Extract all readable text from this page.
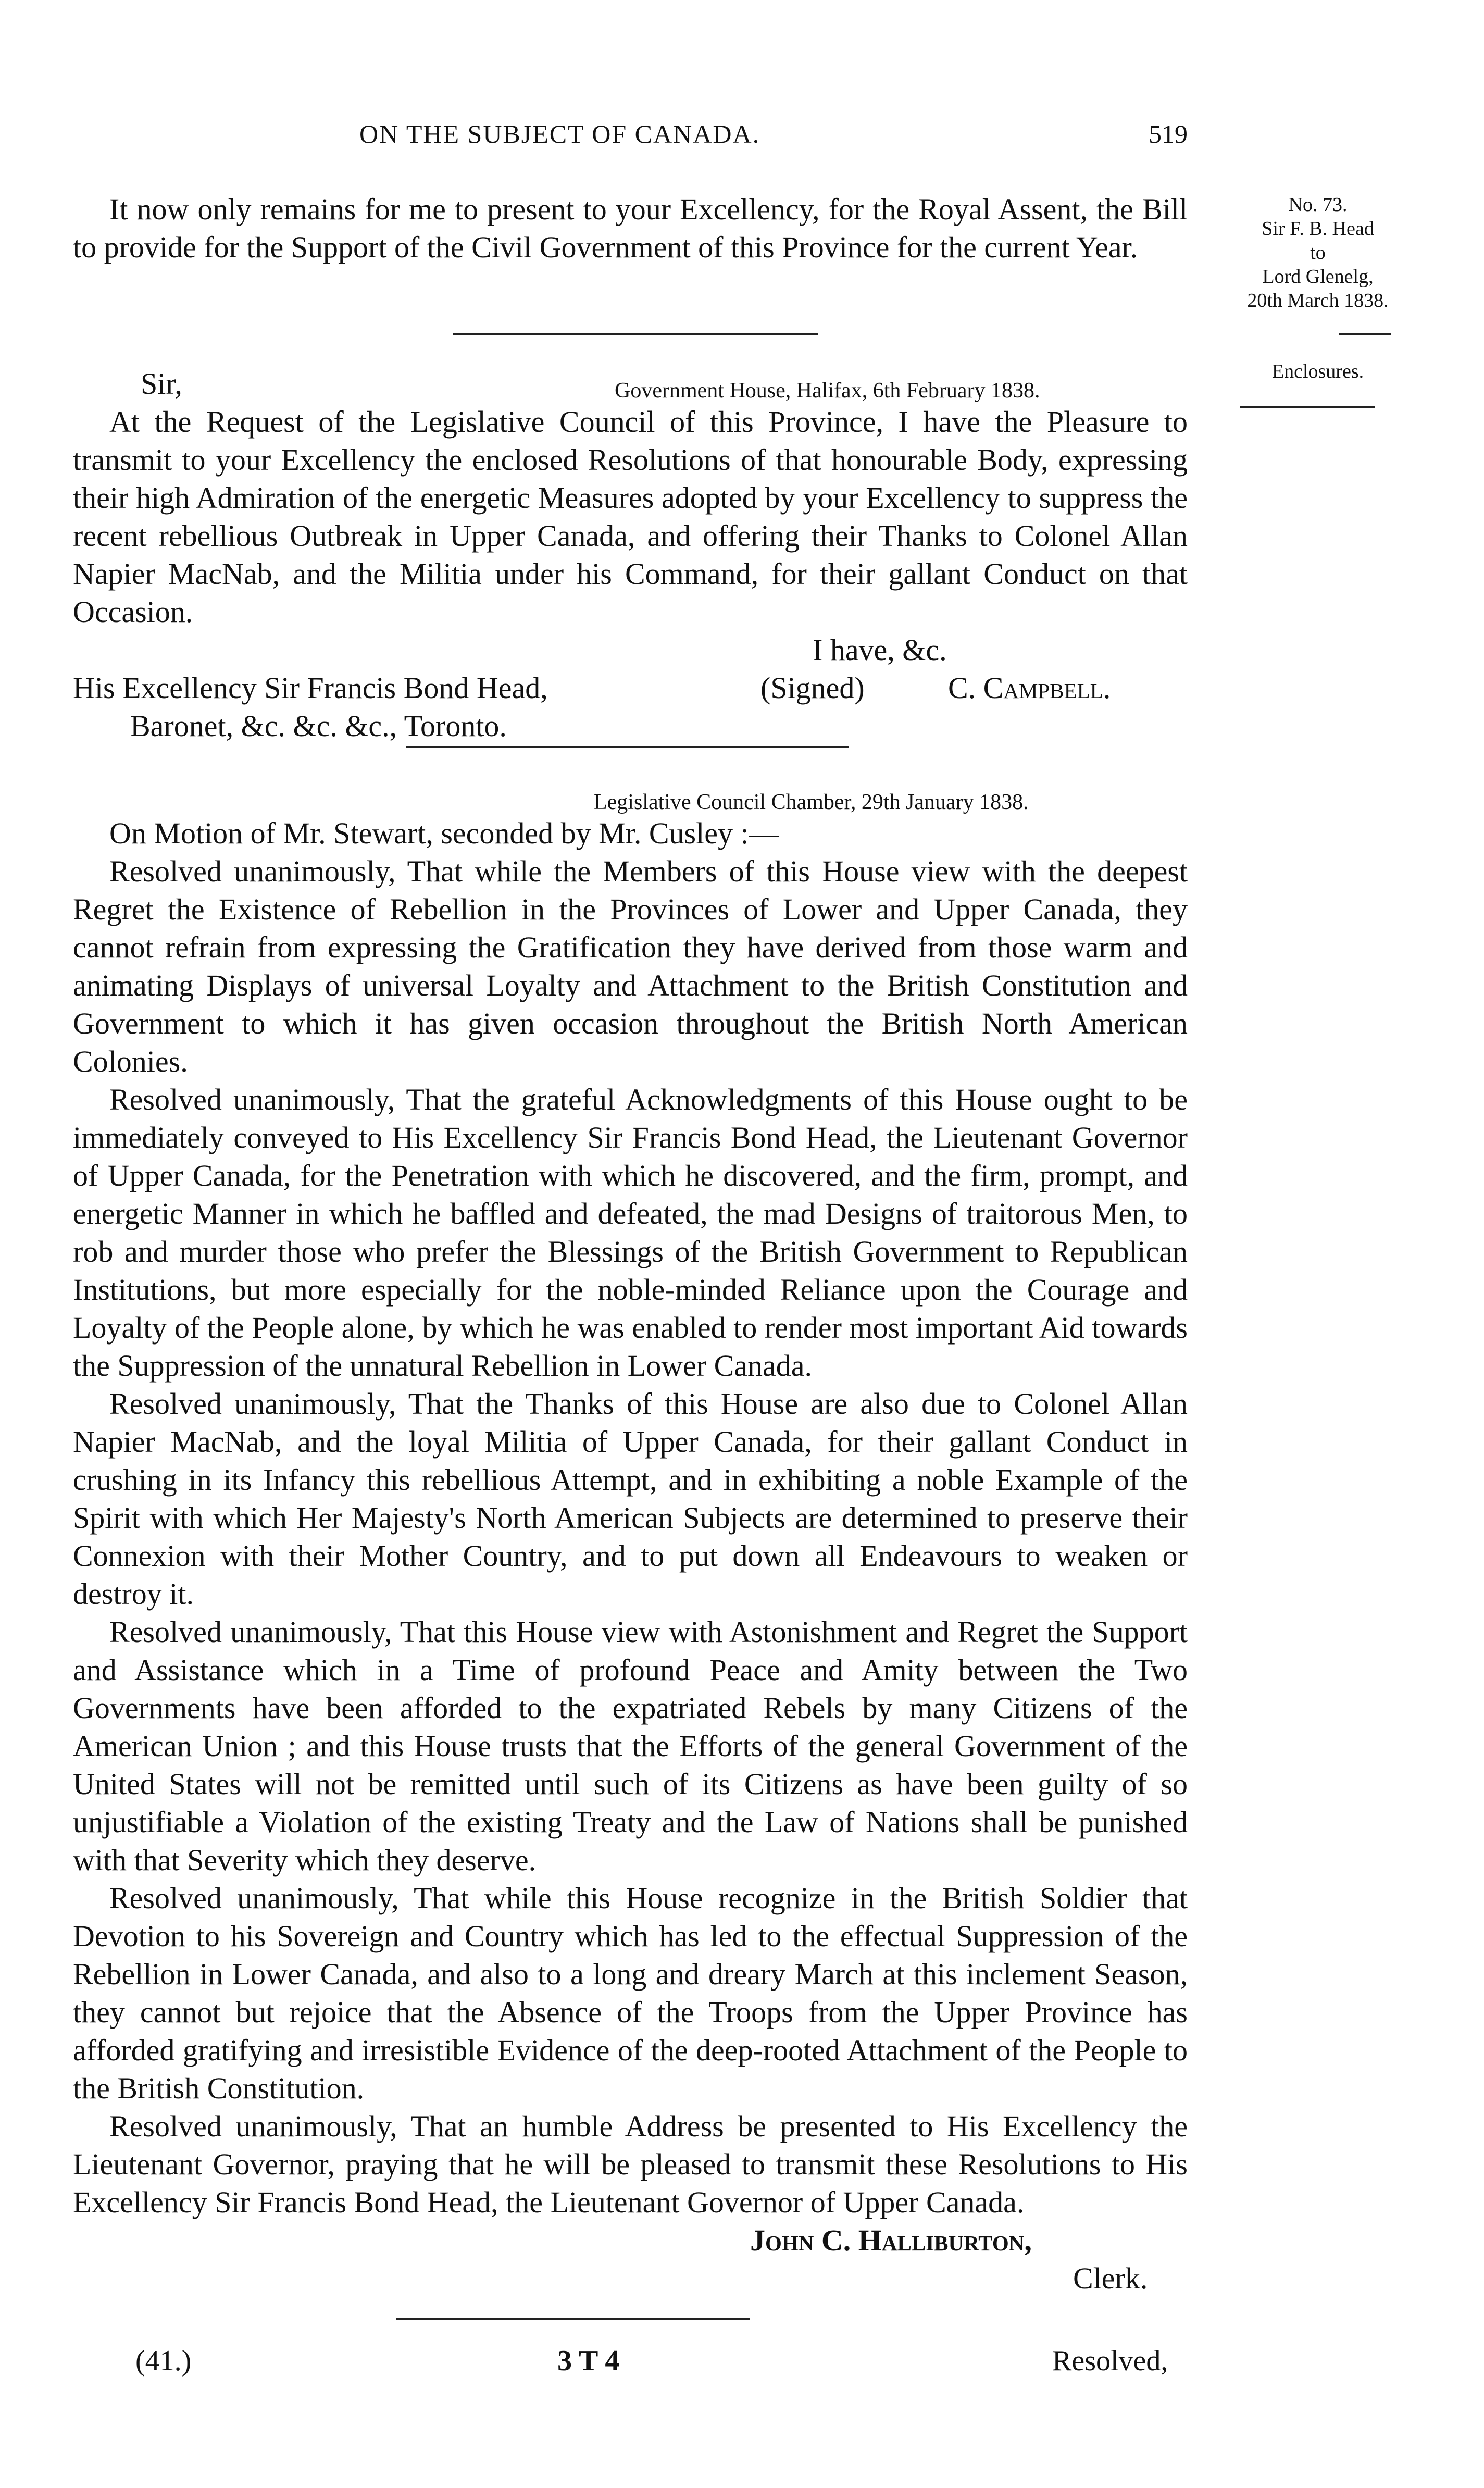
ON THE SUBJECT OF CANADA.	519
No. 73.
Sir F. B. Head
to
Lord Glenelg,
20th March 1838.
Enclosures.

It now only remains for me to present to your Excellency, for the Royal Assent, the Bill to provide for the Support of the Civil Government of this Province for the current Year.

Sir,	Government House, Halifax, 6th February 1838.

At the Request of the Legislative Council of this Province, I have the Pleasure to transmit to your Excellency the enclosed Resolutions of that honourable Body, expressing their high Admiration of the energetic Measures adopted by your Excellency to suppress the recent rebellious Outbreak in Upper Canada, and offering their Thanks to Colonel Allan Napier MacNab, and the Militia under his Command, for their gallant Conduct on that Occasion.

I have, &c.
His Excellency Sir Francis Bond Head,	(Signed)	C. Campbell.
Baronet, &c. &c. &c., Toronto.
Legislative Council Chamber, 29th January 1838.

On Motion of Mr. Stewart, seconded by Mr. Cusley :—

Resolved unanimously, That while the Members of this House view with the deepest Regret the Existence of Rebellion in the Provinces of Lower and Upper Canada, they cannot refrain from expressing the Gratification they have derived from those warm and animating Displays of universal Loyalty and Attachment to the British Constitution and Government to which it has given occasion throughout the British North American Colonies.

Resolved unanimously, That the grateful Acknowledgments of this House ought to be immediately conveyed to His Excellency Sir Francis Bond Head, the Lieutenant Governor of Upper Canada, for the Penetration with which he discovered, and the firm, prompt, and energetic Manner in which he baffled and defeated, the mad Designs of traitorous Men, to rob and murder those who prefer the Blessings of the British Government to Republican Institutions, but more especially for the noble-minded Reliance upon the Courage and Loyalty of the People alone, by which he was enabled to render most important Aid towards the Suppression of the unnatural Rebellion in Lower Canada.

Resolved unanimously, That the Thanks of this House are also due to Colonel Allan Napier MacNab, and the loyal Militia of Upper Canada, for their gallant Conduct in crushing in its Infancy this rebellious Attempt, and in exhibiting a noble Example of the Spirit with which Her Majesty's North American Subjects are determined to preserve their Connexion with their Mother Country, and to put down all Endeavours to weaken or destroy it.

Resolved unanimously, That this House view with Astonishment and Regret the Support and Assistance which in a Time of profound Peace and Amity between the Two Governments have been afforded to the expatriated Rebels by many Citizens of the American Union ; and this House trusts that the Efforts of the general Government of the United States will not be remitted until such of its Citizens as have been guilty of so unjustifiable a Violation of the existing Treaty and the Law of Nations shall be punished with that Severity which they deserve.

Resolved unanimously, That while this House recognize in the British Soldier that Devotion to his Sovereign and Country which has led to the effectual Suppression of the Rebellion in Lower Canada, and also to a long and dreary March at this inclement Season, they cannot but rejoice that the Absence of the Troops from the Upper Province has afforded gratifying and irresistible Evidence of the deep-rooted Attachment of the People to the British Constitution.

Resolved unanimously, That an humble Address be presented to His Excellency the Lieutenant Governor, praying that he will be pleased to transmit these Resolutions to His Excellency Sir Francis Bond Head, the Lieutenant Governor of Upper Canada.

John C. Halliburton,
Clerk.
(41.)	3 T 4	Resolved,
